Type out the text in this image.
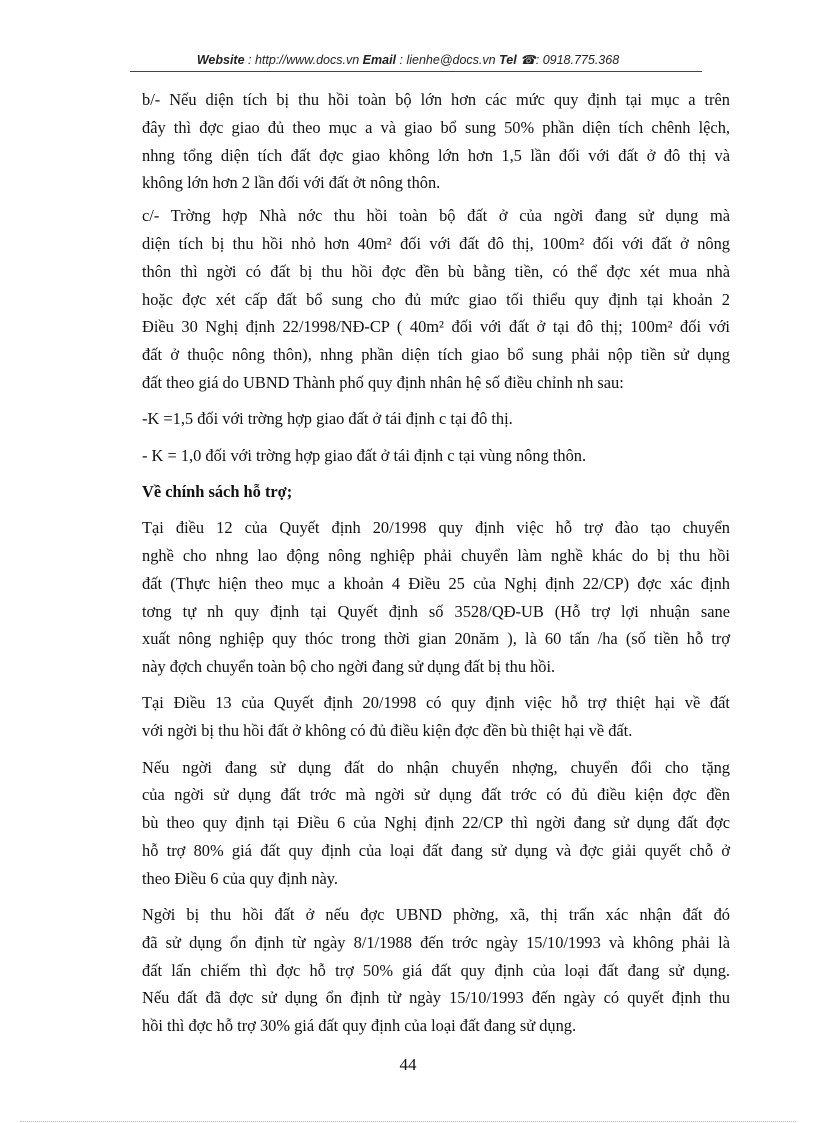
Website : http://www.docs.vn Email : lienhe@docs.vn Tel ☎: 0918.775.368
b/- Nếu diện tích bị thu hồi toàn bộ lớn hơn các mức quy định tại mục a trên
đây thì đợc giao đủ theo mục a và giao bổ sung 50% phần diện tích chênh lệch,
nhng tổng diện tích đất đợc giao không lớn hơn 1,5 lần đối với đất ở đô thị và
không lớn hơn 2 lần đối với đất ởt nông thôn.
c/- Trờng hợp Nhà nớc thu hồi toàn bộ đất ở của ngời đang sử dụng mà
diện tích bị thu hồi nhỏ hơn 40m² đối với đất đô thị, 100m² đối với đất ở nông
thôn thì ngời có đất bị thu hồi đợc đền bù bằng tiền, có thể đợc xét mua nhà
hoặc đợc xét cấp đất bổ sung cho đủ mức giao tối thiểu quy định tại khoản 2
Điều 30 Nghị định 22/1998/NĐ-CP ( 40m² đối với đất ở tại đô thị; 100m² đối với
đất ở thuộc nông thôn), nhng phần diện tích giao bổ sung phải nộp tiền sử dụng
đất theo giá do UBND Thành phố quy định nhân hệ số điều chỉnh nh sau:
-K =1,5 đối với trờng hợp giao đất ở tái định c tại đô thị.
- K = 1,0 đối với trờng hợp giao đất ở tái định c tại vùng nông thôn.
Về chính sách hỗ trợ;
Tại điều 12 của Quyết định 20/1998 quy định việc hỗ trợ đào tạo chuyển
nghề cho nhng lao động nông nghiệp phải chuyển làm nghề khác do bị thu hồi
đất (Thực hiện theo mục a khoản 4 Điều 25 của Nghị định 22/CP) đợc xác định
tơng tự nh quy định tại Quyết định số 3528/QĐ-UB (Hỗ trợ lợi nhuận sane
xuất nông nghiệp quy thóc trong thời gian 20năm ), là 60 tấn /ha (số tiền hỗ trợ
này đợch chuyển toàn bộ cho ngời đang sử dụng đất bị thu hồi.
Tại Điều 13 của Quyết định 20/1998 có quy định việc hỗ trợ thiệt hại về đất
với ngời bị thu hồi đất ở không có đủ điều kiện đợc đền bù thiệt hại về đất.
Nếu ngời đang sử dụng đất do nhận chuyển nhợng, chuyển đổi cho tặng
của ngời sử dụng đất trớc mà ngời sử dụng đất trớc có đủ điều kiện đợc đền
bù theo quy định tại Điều 6 của Nghị định 22/CP thì ngời đang sử dụng đất đợc
hỗ trợ 80% giá đất quy định của loại đất đang sử dụng và đợc giải quyết chỗ ở
theo Điều 6 của quy định này.
Ngời bị thu hồi đất ở nếu đợc UBND phờng, xã, thị trấn xác nhận đất đó
đã sử dụng ổn định từ ngày 8/1/1988 đến trớc ngày 15/10/1993 và không phải là
đất lấn chiếm thì đợc hỗ trợ 50% giá đất quy định của loại đất đang sử dụng.
Nếu đất đã đợc sử dụng ổn định từ ngày 15/10/1993 đến ngày có quyết định thu
hồi thì đợc hỗ trợ 30% giá đất quy định của loại đất đang sử dụng.
44
